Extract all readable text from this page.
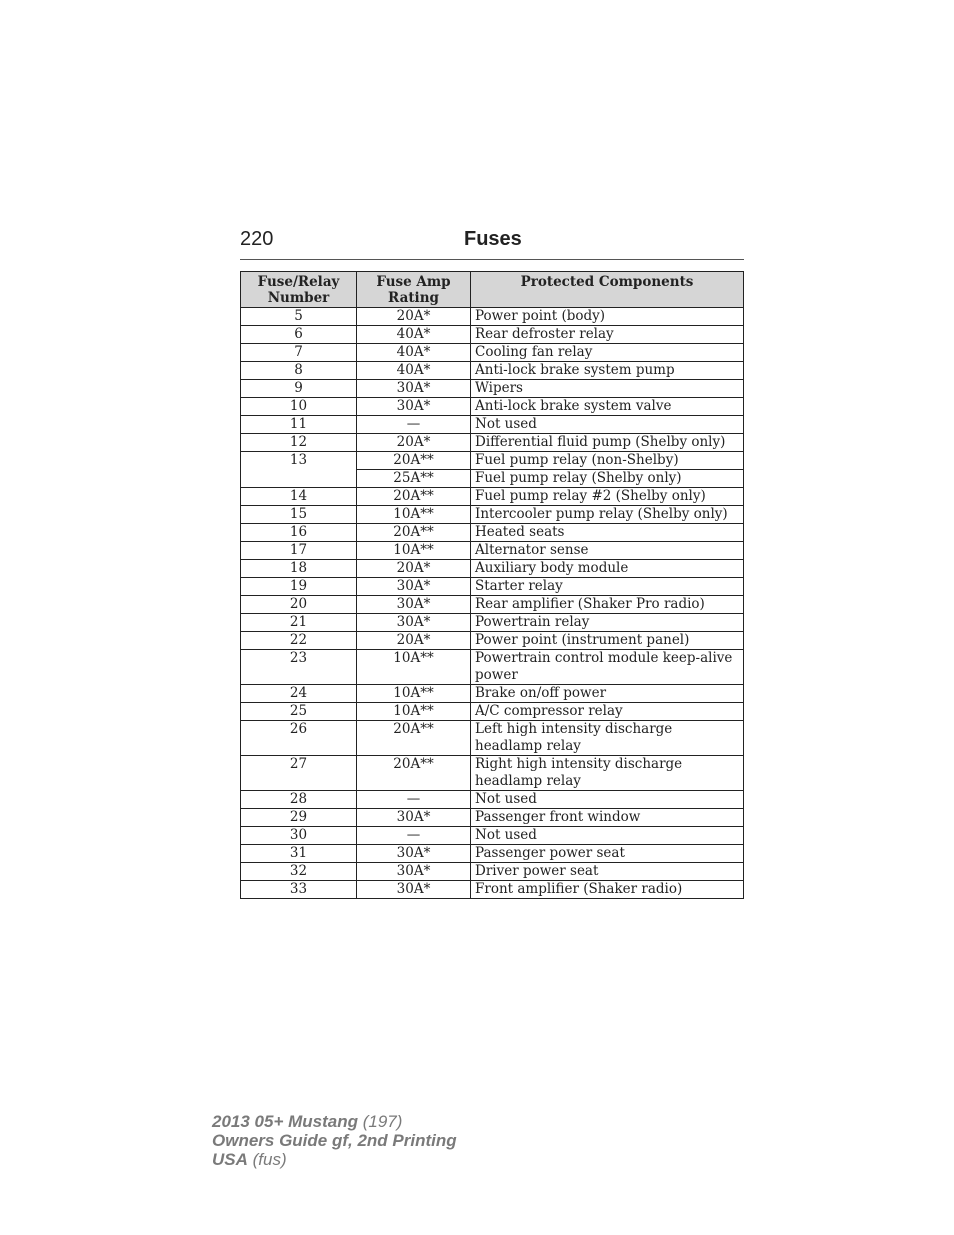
220	Fuses
Fuse/Relay Number	Fuse Amp Rating	Protected Components
5	20A*	Power point (body)
6	40A*	Rear defroster relay
7	40A*	Cooling fan relay
8	40A*	Anti-lock brake system pump
9	30A*	Wipers
10	30A*	Anti-lock brake system valve
11	—	Not used
12	20A*	Differential fluid pump (Shelby only)
13	20A**	Fuel pump relay (non-Shelby)
	25A**	Fuel pump relay (Shelby only)
14	20A**	Fuel pump relay #2 (Shelby only)
15	10A**	Intercooler pump relay (Shelby only)
16	20A**	Heated seats
17	10A**	Alternator sense
18	20A*	Auxiliary body module
19	30A*	Starter relay
20	30A*	Rear amplifier (Shaker Pro radio)
21	30A*	Powertrain relay
22	20A*	Power point (instrument panel)
23	10A**	Powertrain control module keep-alive power
24	10A**	Brake on/off power
25	10A**	A/C compressor relay
26	20A**	Left high intensity discharge headlamp relay
27	20A**	Right high intensity discharge headlamp relay
28	—	Not used
29	30A*	Passenger front window
30	—	Not used
31	30A*	Passenger power seat
32	30A*	Driver power seat
33	30A*	Front amplifier (Shaker radio)
2013 05+ Mustang (197)
Owners Guide gf, 2nd Printing
USA (fus)
